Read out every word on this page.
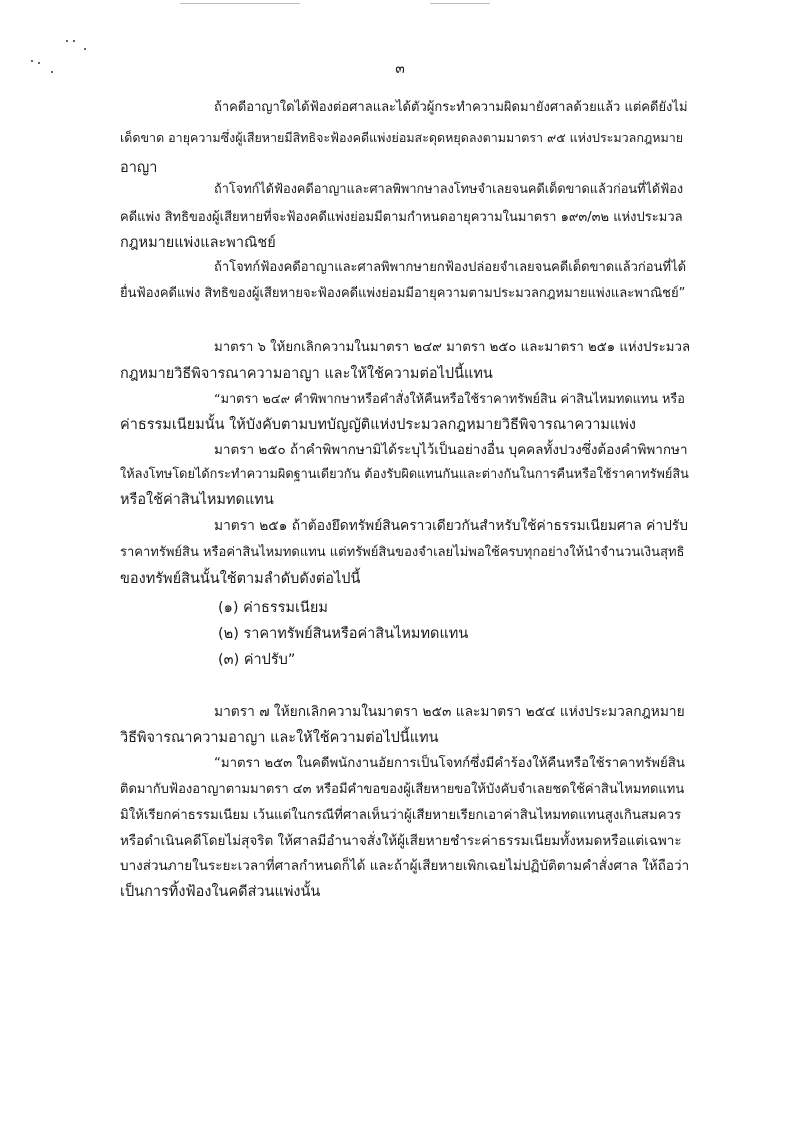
๓
ถ้าคดีอาญาใดได้ฟ้องต่อศาลและได้ตัวผู้กระทำความผิดมายังศาลด้วยแล้ว แต่คดียังไม่
เด็ดขาด อายุความซึ่งผู้เสียหายมีสิทธิจะฟ้องคดีแพ่งย่อมสะดุดหยุดลงตามมาตรา ๙๕ แห่งประมวลกฎหมาย
อาญา
ถ้าโจทก์ได้ฟ้องคดีอาญาและศาลพิพากษาลงโทษจำเลยจนคดีเด็ดขาดแล้วก่อนที่ได้ฟ้อง
คดีแพ่ง สิทธิของผู้เสียหายที่จะฟ้องคดีแพ่งย่อมมีตามกำหนดอายุความในมาตรา ๑๙๓/๓๒ แห่งประมวล
กฎหมายแพ่งและพาณิชย์
ถ้าโจทก์ฟ้องคดีอาญาและศาลพิพากษายกฟ้องปล่อยจำเลยจนคดีเด็ดขาดแล้วก่อนที่ได้
ยื่นฟ้องคดีแพ่ง สิทธิของผู้เสียหายจะฟ้องคดีแพ่งย่อมมีอายุความตามประมวลกฎหมายแพ่งและพาณิชย์”
มาตรา ๖ ให้ยกเลิกความในมาตรา ๒๔๙ มาตรา ๒๕๐ และมาตรา ๒๕๑ แห่งประมวล
กฎหมายวิธีพิจารณาความอาญา และให้ใช้ความต่อไปนี้แทน
“มาตรา ๒๔๙ คำพิพากษาหรือคำสั่งให้คืนหรือใช้ราคาทรัพย์สิน ค่าสินไหมทดแทน หรือ
ค่าธรรมเนียมนั้น ให้บังคับตามบทบัญญัติแห่งประมวลกฎหมายวิธีพิจารณาความแพ่ง
มาตรา ๒๕๐ ถ้าคำพิพากษามิได้ระบุไว้เป็นอย่างอื่น บุคคลทั้งปวงซึ่งต้องคำพิพากษา
ให้ลงโทษโดยได้กระทำความผิดฐานเดียวกัน ต้องรับผิดแทนกันและต่างกันในการคืนหรือใช้ราคาทรัพย์สิน
หรือใช้ค่าสินไหมทดแทน
มาตรา ๒๕๑ ถ้าต้องยึดทรัพย์สินคราวเดียวกันสำหรับใช้ค่าธรรมเนียมศาล ค่าปรับ
ราคาทรัพย์สิน หรือค่าสินไหมทดแทน แต่ทรัพย์สินของจำเลยไม่พอใช้ครบทุกอย่างให้นำจำนวนเงินสุทธิ
ของทรัพย์สินนั้นใช้ตามลำดับดังต่อไปนี้
(๑) ค่าธรรมเนียม
(๒) ราคาทรัพย์สินหรือค่าสินไหมทดแทน
(๓) ค่าปรับ”
มาตรา ๗ ให้ยกเลิกความในมาตรา ๒๕๓ และมาตรา ๒๕๔ แห่งประมวลกฎหมาย
วิธีพิจารณาความอาญา และให้ใช้ความต่อไปนี้แทน
“มาตรา ๒๕๓ ในคดีพนักงานอัยการเป็นโจทก์ซึ่งมีคำร้องให้คืนหรือใช้ราคาทรัพย์สิน
ติดมากับฟ้องอาญาตามมาตรา ๔๓ หรือมีคำขอของผู้เสียหายขอให้บังคับจำเลยชดใช้ค่าสินไหมทดแทน
มิให้เรียกค่าธรรมเนียม เว้นแต่ในกรณีที่ศาลเห็นว่าผู้เสียหายเรียกเอาค่าสินไหมทดแทนสูงเกินสมควร
หรือดำเนินคดีโดยไม่สุจริต ให้ศาลมีอำนาจสั่งให้ผู้เสียหายชำระค่าธรรมเนียมทั้งหมดหรือแต่เฉพาะ
บางส่วนภายในระยะเวลาที่ศาลกำหนดก็ได้ และถ้าผู้เสียหายเพิกเฉยไม่ปฏิบัติตามคำสั่งศาล ให้ถือว่า
เป็นการทิ้งฟ้องในคดีส่วนแพ่งนั้น
